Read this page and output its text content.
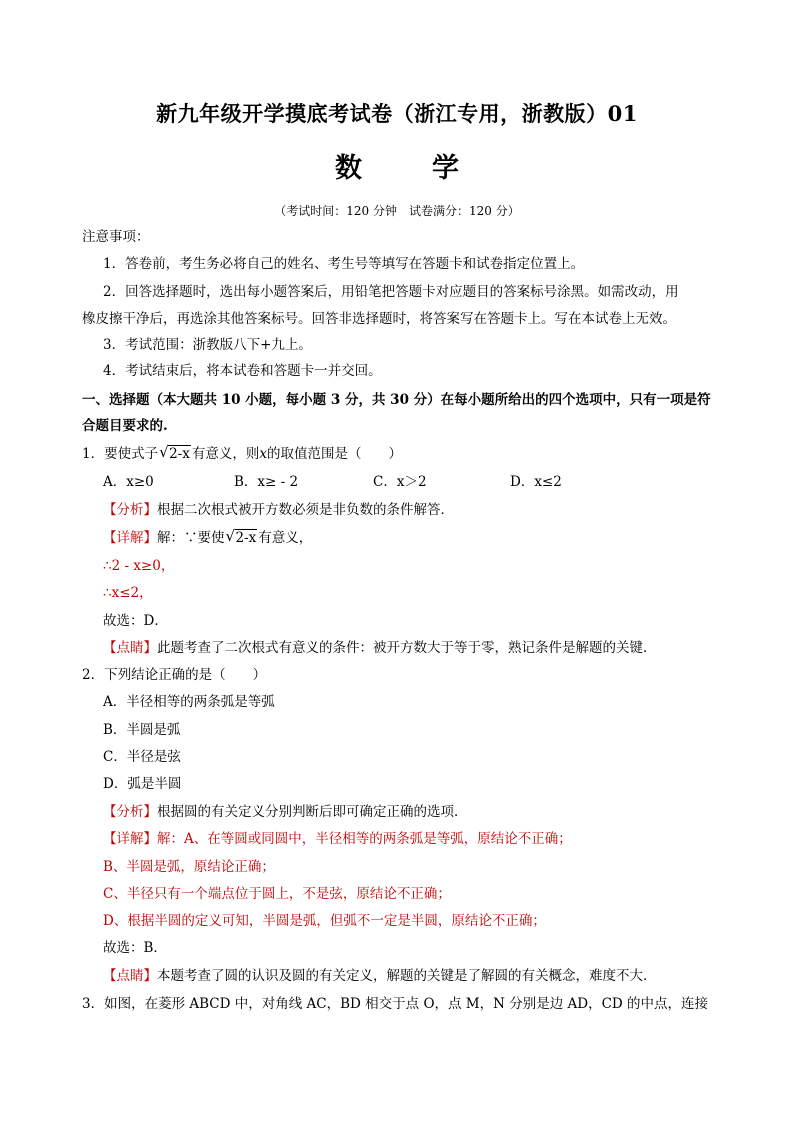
新九年级开学摸底考试卷（浙江专用，浙教版）01
数学
（考试时间：120 分钟　试卷满分：120 分）
注意事项：
1．答卷前，考生务必将自己的姓名、考生号等填写在答题卡和试卷指定位置上。
2．回答选择题时，选出每小题答案后，用铅笔把答题卡对应题目的答案标号涂黑。如需改动，用
橡皮擦干净后，再选涂其他答案标号。回答非选择题时，将答案写在答题卡上。写在本试卷上无效。
3．考试范围：浙教版八下+九上。
4．考试结束后，将本试卷和答题卡一并交回。
一、选择题（本大题共 10 小题，每小题 3 分，共 30 分）在每小题所给出的四个选项中，只有一项是符
合题目要求的.
1．要使式子 √ 2-x 有意义，则x的取值范围是（　　）
A．x≥0	B．x≥ - 2	C．x＞2	D．x≤2
【分析】根据二次根式被开方数必须是非负数的条件解答．
【详解】解：∵要使 √ 2-x 有意义，
∴2 - x≥0，
∴x≤2，
故选：D．
【点睛】此题考查了二次根式有意义的条件：被开方数大于等于零，熟记条件是解题的关键．
2．下列结论正确的是（　　）
A．半径相等的两条弧是等弧
B．半圆是弧
C．半径是弦
D．弧是半圆
【分析】根据圆的有关定义分别判断后即可确定正确的选项．
【详解】解：A、在等圆或同圆中，半径相等的两条弧是等弧，原结论不正确；
B、半圆是弧，原结论正确；
C、半径只有一个端点位于圆上，不是弦，原结论不正确；
D、根据半圆的定义可知，半圆是弧，但弧不一定是半圆，原结论不正确；
故选：B．
【点睛】本题考查了圆的认识及圆的有关定义，解题的关键是了解圆的有关概念，难度不大．
3．如图，在菱形 ABCD 中，对角线 AC，BD 相交于点 O，点 M，N 分别是边 AD，CD 的中点，连接
